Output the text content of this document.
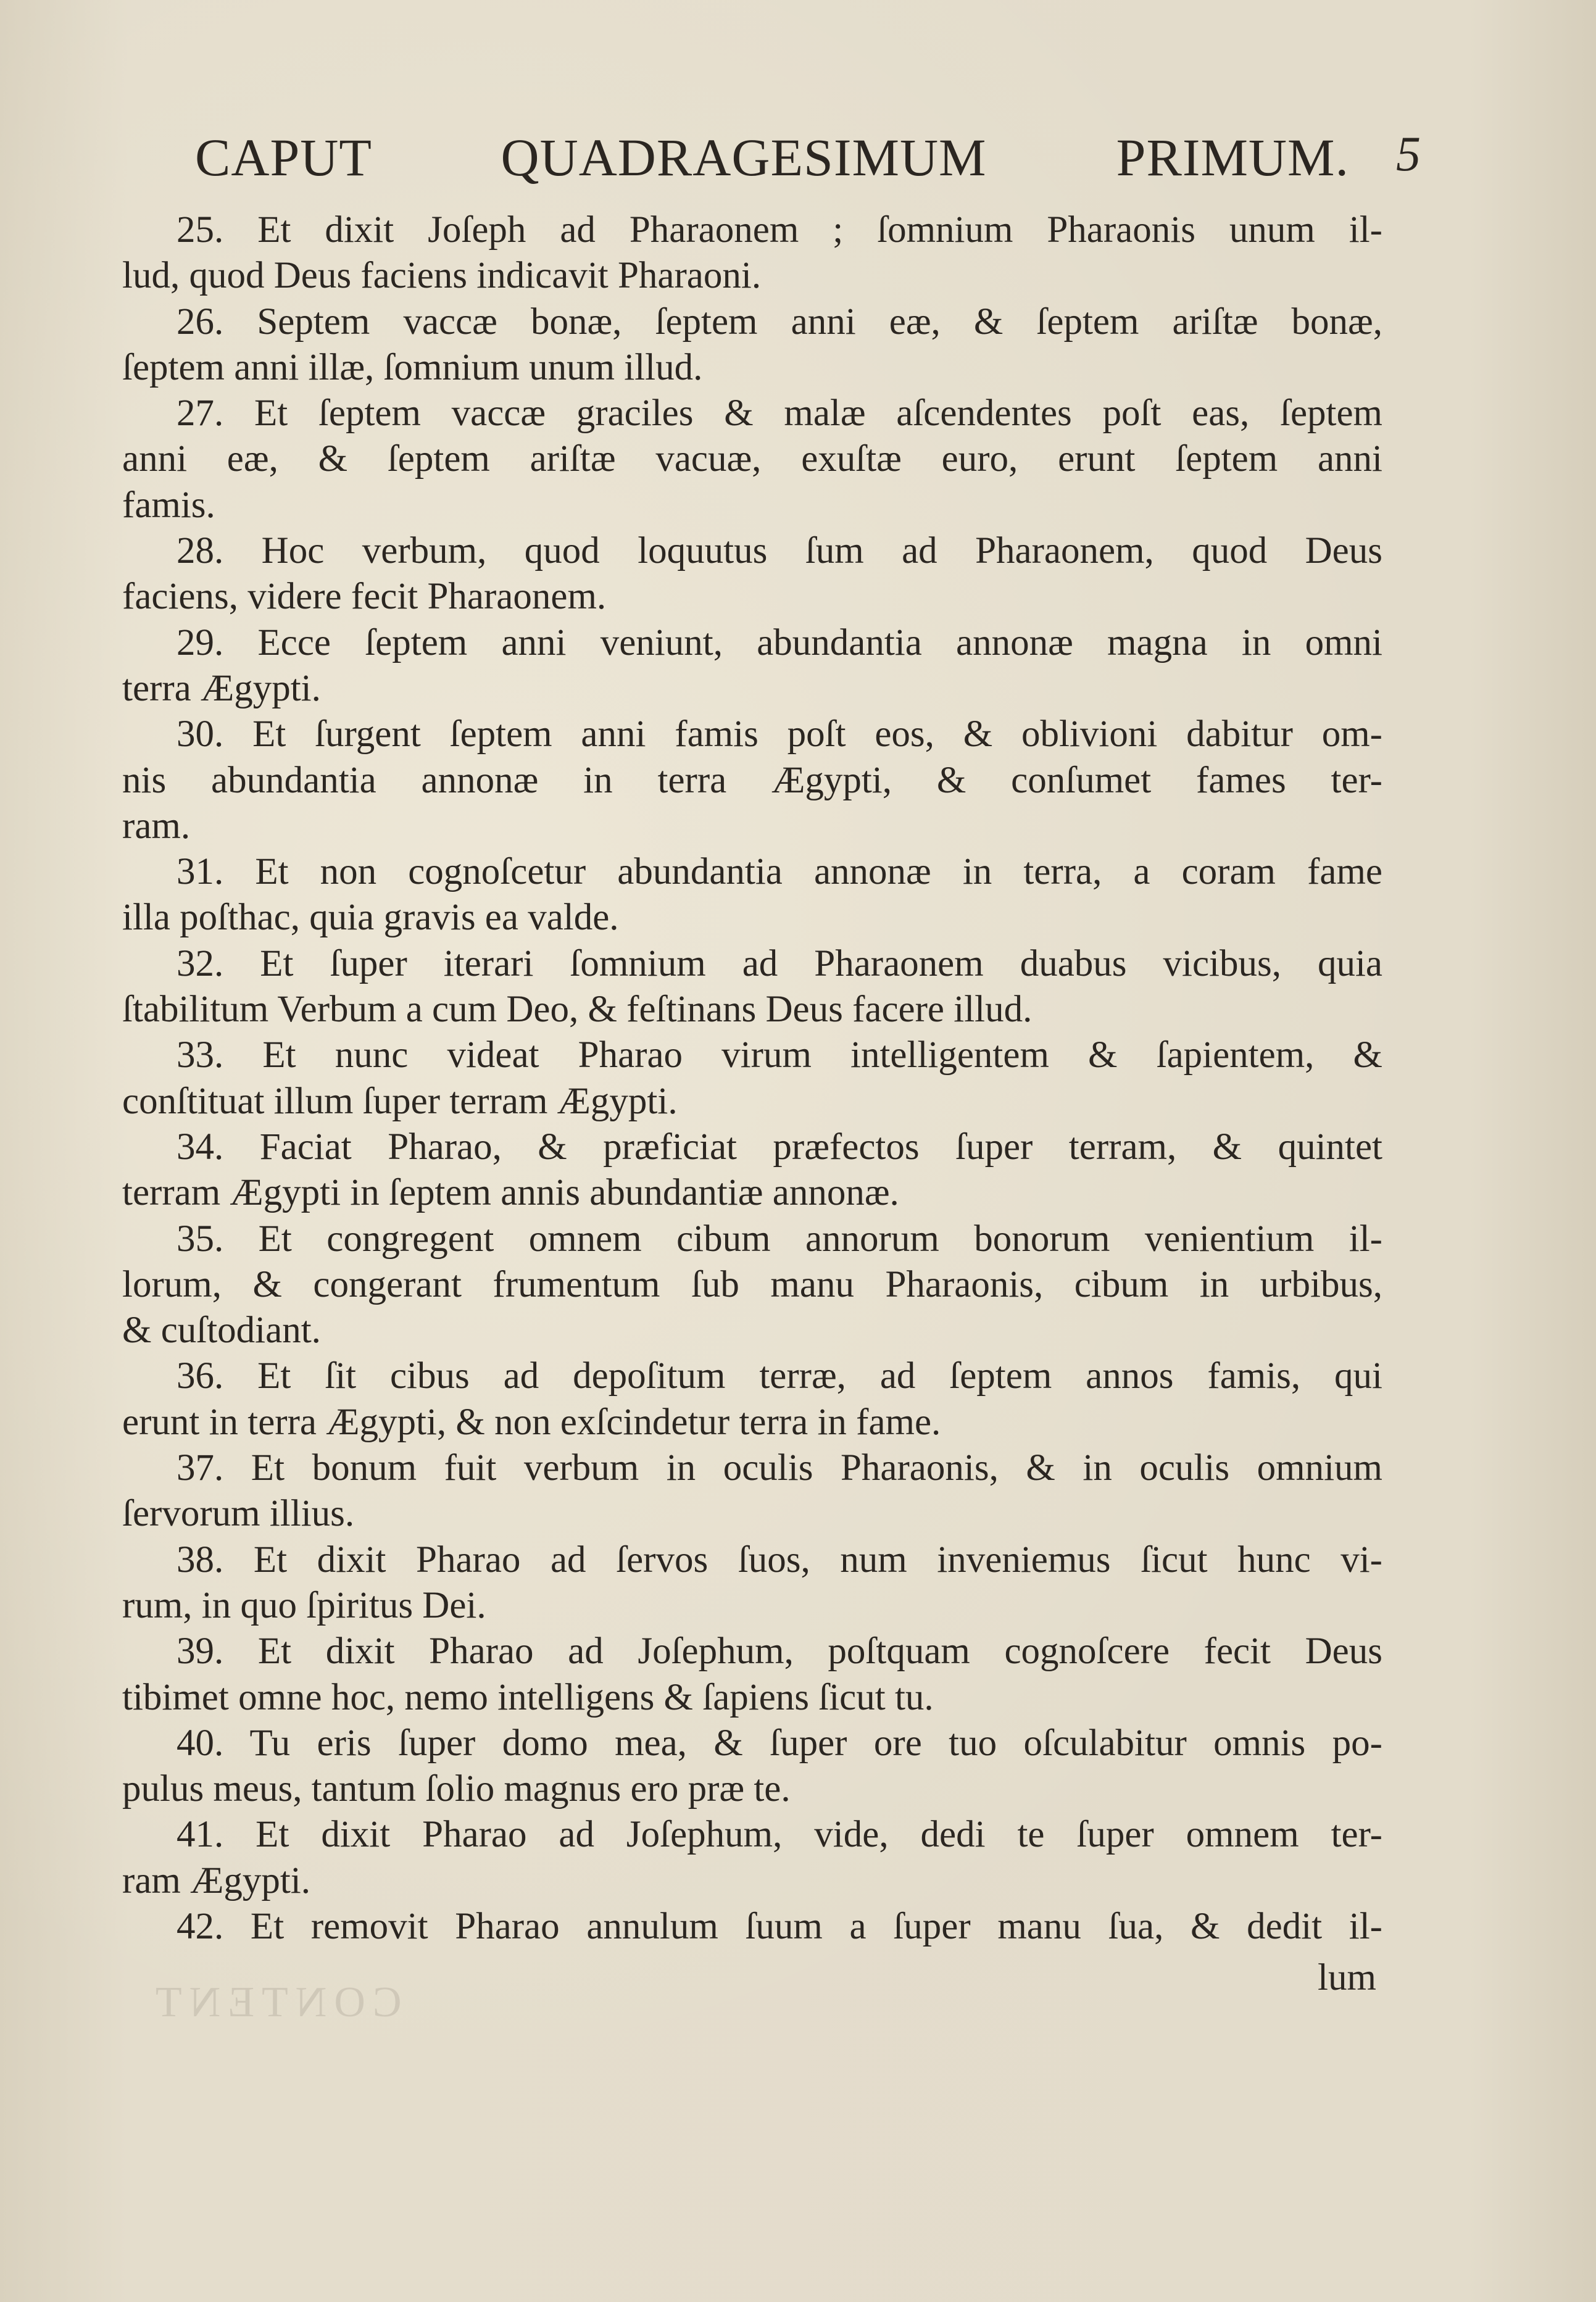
CAPUT QUADRAGESIMUM PRIMUM. 5
25. Et dixit Joſeph ad Pharaonem ; ſomnium Pharaonis unum il-
lud, quod Deus faciens indicavit Pharaoni.
26. Septem vaccæ bonæ, ſeptem anni eæ, & ſeptem ariſtæ bonæ,
ſeptem anni illæ, ſomnium unum illud.
27. Et ſeptem vaccæ graciles & malæ aſcendentes poſt eas, ſeptem
anni eæ, & ſeptem ariſtæ vacuæ, exuſtæ euro, erunt ſeptem anni
famis.
28. Hoc verbum, quod loquutus ſum ad Pharaonem, quod Deus
faciens, videre fecit Pharaonem.
29. Ecce ſeptem anni veniunt, abundantia annonæ magna in omni
terra Ægypti.
30. Et ſurgent ſeptem anni famis poſt eos, & oblivioni dabitur om-
nis abundantia annonæ in terra Ægypti, & conſumet fames ter-
ram.
31. Et non cognoſcetur abundantia annonæ in terra, a coram fame
illa poſthac, quia gravis ea valde.
32. Et ſuper iterari ſomnium ad Pharaonem duabus vicibus, quia
ſtabilitum Verbum a cum Deo, & feſtinans Deus facere illud.
33. Et nunc videat Pharao virum intelligentem & ſapientem, &
conſtituat illum ſuper terram Ægypti.
34. Faciat Pharao, & præficiat præfectos ſuper terram, & quintet
terram Ægypti in ſeptem annis abundantiæ annonæ.
35. Et congregent omnem cibum annorum bonorum venientium il-
lorum, & congerant frumentum ſub manu Pharaonis, cibum in urbibus,
& cuſtodiant.
36. Et ſit cibus ad depoſitum terræ, ad ſeptem annos famis, qui
erunt in terra Ægypti, & non exſcindetur terra in fame.
37. Et bonum fuit verbum in oculis Pharaonis, & in oculis omnium
ſervorum illius.
38. Et dixit Pharao ad ſervos ſuos, num inveniemus ſicut hunc vi-
rum, in quo ſpiritus Dei.
39. Et dixit Pharao ad Joſephum, poſtquam cognoſcere fecit Deus
tibimet omne hoc, nemo intelligens & ſapiens ſicut tu.
40. Tu eris ſuper domo mea, & ſuper ore tuo oſculabitur omnis po-
pulus meus, tantum ſolio magnus ero præ te.
41. Et dixit Pharao ad Joſephum, vide, dedi te ſuper omnem ter-
ram Ægypti.
42. Et removit Pharao annulum ſuum a ſuper manu ſua, & dedit il-
lum
CONTENT
